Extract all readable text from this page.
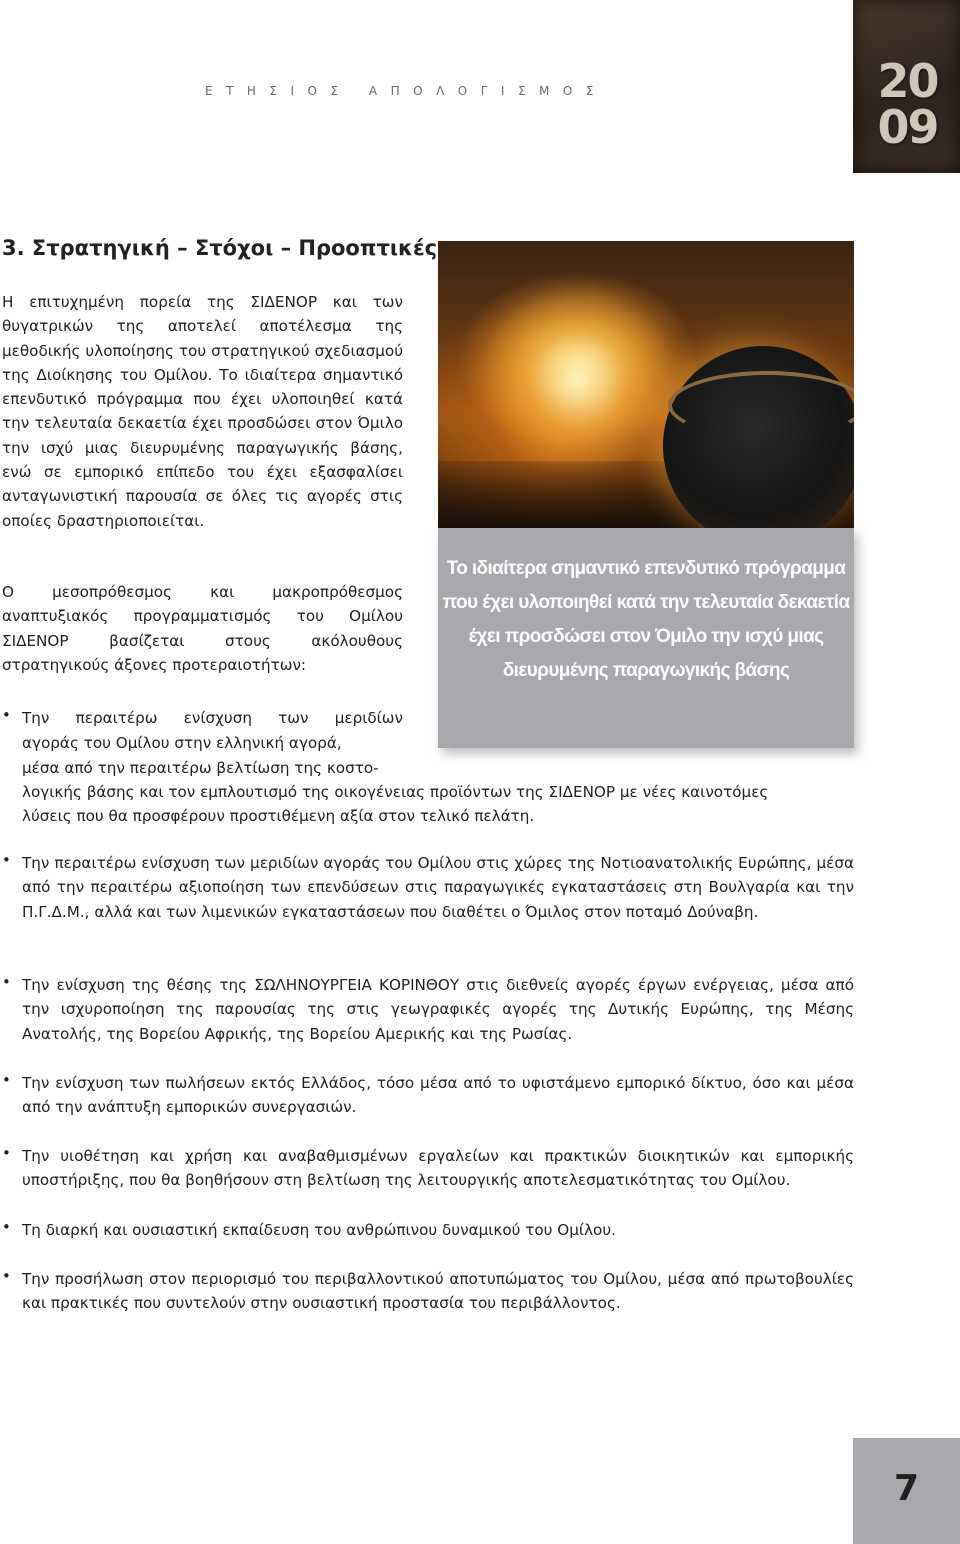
ΕΤΗΣΙΟΣ ΑΠΟΛΟΓΙΣΜΟΣ	20
09
3. Στρατηγική – Στόχοι – Προοπτικές

Η επιτυχημένη πορεία της ΣΙΔΕΝΟΡ και των θυγατρικών της αποτελεί αποτέλεσμα της μεθοδικής υλοποίησης του στρατηγικού σχεδιασμού της Διοίκησης του Ομίλου. Το ιδιαίτερα σημαντικό επενδυτικό πρόγραμμα που έχει υλοποιηθεί κατά την τελευταία δεκαετία έχει προσδώσει στον Όμιλο την ισχύ μιας διευρυμένης παραγωγικής βάσης, ενώ σε εμπορικό επίπεδο του έχει εξασφαλίσει ανταγωνιστική παρουσία σε όλες τις αγορές στις οποίες δραστηριοποιείται.

Ο μεσοπρόθεσμος και μακροπρόθεσμος αναπτυξιακός προγραμματισμός του Ομίλου ΣΙΔΕΝΟΡ βασίζεται στους ακόλουθους στρατηγικούς άξονες προτεραιοτήτων:

Το ιδιαίτερα σημαντικό επενδυτικό πρόγραμμα που έχει υλοποιηθεί κατά την τελευταία δεκαετία έχει προσδώσει στον Όμιλο την ισχύ μιας διευρυμένης παραγωγικής βάσης

• Την περαιτέρω ενίσχυση των μεριδίων

αγοράς του Ομίλου στην ελληνική αγορά,

μέσα από την περαιτέρω βελτίωση της κοστο-

λογικής βάσης και τον εμπλουτισμό της οικογένειας προϊόντων της ΣΙΔΕΝΟΡ με νέες καινοτόμες

λύσεις που θα προσφέρουν προστιθέμενη αξία στον τελικό πελάτη.

• Την περαιτέρω ενίσχυση των μεριδίων αγοράς του Ομίλου στις χώρες της Νοτιοανατολικής Ευρώπης, μέσα από την περαιτέρω αξιοποίηση των επενδύσεων στις παραγωγικές εγκαταστάσεις στη Βουλγαρία και την Π.Γ.Δ.Μ., αλλά και των λιμενικών εγκαταστάσεων που διαθέτει ο Όμιλος στον ποταμό Δούναβη.

• Την ενίσχυση της θέσης της ΣΩΛΗΝΟΥΡΓΕΙΑ ΚΟΡΙΝΘΟΥ στις διεθνείς αγορές έργων ενέργειας, μέσα από την ισχυροποίηση της παρουσίας της στις γεωγραφικές αγορές της Δυτικής Ευρώπης, της Μέσης Ανατολής, της Βορείου Αφρικής, της Βορείου Αμερικής και της Ρωσίας.

• Την ενίσχυση των πωλήσεων εκτός Ελλάδος, τόσο μέσα από το υφιστάμενο εμπορικό δίκτυο, όσο και μέσα από την ανάπτυξη εμπορικών συνεργασιών.

• Την υιοθέτηση και χρήση και αναβαθμισμένων εργαλείων και πρακτικών διοικητικών και εμπορικής υποστήριξης, που θα βοηθήσουν στη βελτίωση της λειτουργικής αποτελεσματικότητας του Ομίλου.

• Τη διαρκή και ουσιαστική εκπαίδευση του ανθρώπινου δυναμικού του Ομίλου.

• Την προσήλωση στον περιορισμό του περιβαλλοντικού αποτυπώματος του Ομίλου, μέσα από πρωτοβουλίες και πρακτικές που συντελούν στην ουσιαστική προστασία του περιβάλλοντος.

7
